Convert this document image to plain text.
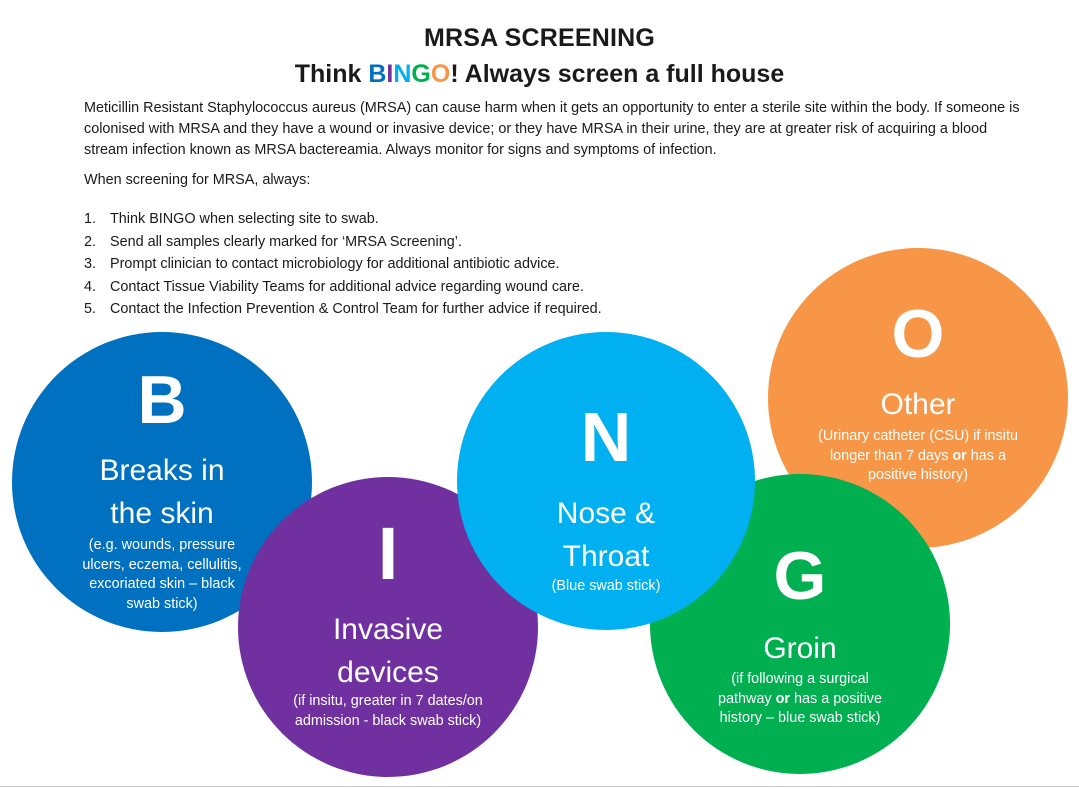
MRSA SCREENING
Think BINGO! Always screen a full house
Meticillin Resistant Staphylococcus aureus (MRSA) can cause harm when it gets an opportunity to enter a sterile site within the body. If someone is colonised with MRSA and they have a wound or invasive device; or they have MRSA in their urine, they are at greater risk of acquiring a blood stream infection known as MRSA bactereamia. Always monitor for signs and symptoms of infection.
When screening for MRSA, always:
1. Think BINGO when selecting site to swab.
2. Send all samples clearly marked for ‘MRSA Screening’.
3. Prompt clinician to contact microbiology for additional antibiotic advice.
4. Contact Tissue Viability Teams for additional advice regarding wound care.
5. Contact the Infection Prevention & Control Team for further advice if required.	O
Other
(Urinary catheter (CSU) if insitu longer than 7 days or has a positive history)
G
Groin
(if following a surgical pathway or has a positive history – blue swab stick)
B
Breaks in the skin
(e.g. wounds, pressure ulcers, eczema, cellulitis, excoriated skin – black swab stick)
I
Invasive devices
(if insitu, greater in 7 dates/on admission - black swab stick)
N
Nose & Throat
(Blue swab stick)
